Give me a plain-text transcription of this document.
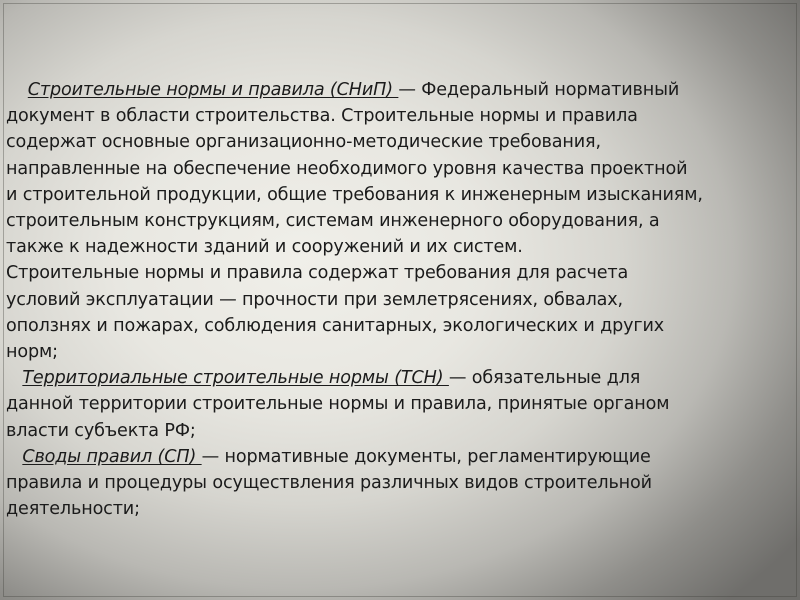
Строительные нормы и правила (СНиП) — Федеральный нормативный
документ в области строительства. Строительные нормы и правила
содержат основные организационно-методические требования,
направленные на обеспечение необходимого уровня качества проектной
и строительной продукции, общие требования к инженерным изысканиям,
строительным конструкциям, системам инженерного оборудования, а
также к надежности зданий и сооружений и их систем.
Строительные нормы и правила содержат требования для расчета
условий эксплуатации — прочности при землетрясениях, обвалах,
оползнях и пожарах, соблюдения санитарных, экологических и других
норм;
Территориальные строительные нормы (ТСН) — обязательные для
данной территории строительные нормы и правила, принятые органом
власти субъекта РФ;
Своды правил (СП) — нормативные документы, регламентирующие
правила и процедуры осуществления различных видов строительной
деятельности;
